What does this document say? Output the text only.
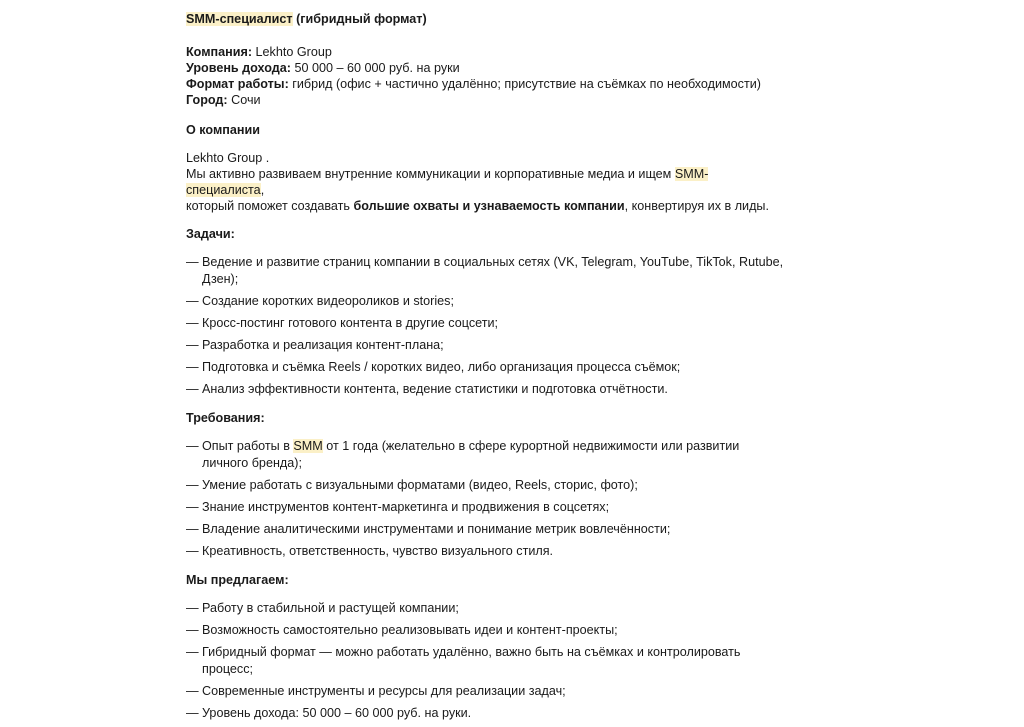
SMM-специалист (гибридный формат)

Компания: Lekhto Group

Уровень дохода: 50 000 – 60 000 руб. на руки

Формат работы: гибрид (офис + частично удалённо; присутствие на съёмках по необходимости)

Город: Сочи

О компании

Lekhto Group .

Мы активно развиваем внутренние коммуникации и корпоративные медиа и ищем SMM-специалиста,

который поможет создавать большие охваты и узнаваемость компании, конвертируя их в лиды.

Задачи:

— Ведение и развитие страниц компании в социальных сетях (VK, Telegram, YouTube, TikTok, Rutube, Дзен);
— Создание коротких видеороликов и stories;
— Кросс-постинг готового контента в другие соцсети;
— Разработка и реализация контент-плана;
— Подготовка и съёмка Reels / коротких видео, либо организация процесса съёмок;
— Анализ эффективности контента, ведение статистики и подготовка отчётности.

Требования:

— Опыт работы в SMM от 1 года (желательно в сфере курортной недвижимости или развитии личного бренда);
— Умение работать с визуальными форматами (видео, Reels, сторис, фото);
— Знание инструментов контент-маркетинга и продвижения в соцсетях;
— Владение аналитическими инструментами и понимание метрик вовлечённости;
— Креативность, ответственность, чувство визуального стиля.

Мы предлагаем:

— Работу в стабильной и растущей компании;
— Возможность самостоятельно реализовывать идеи и контент-проекты;
— Гибридный формат — можно работать удалённо, важно быть на съёмках и контролировать процесс;
— Современные инструменты и ресурсы для реализации задач;
— Уровень дохода: 50 000 – 60 000 руб. на руки.
